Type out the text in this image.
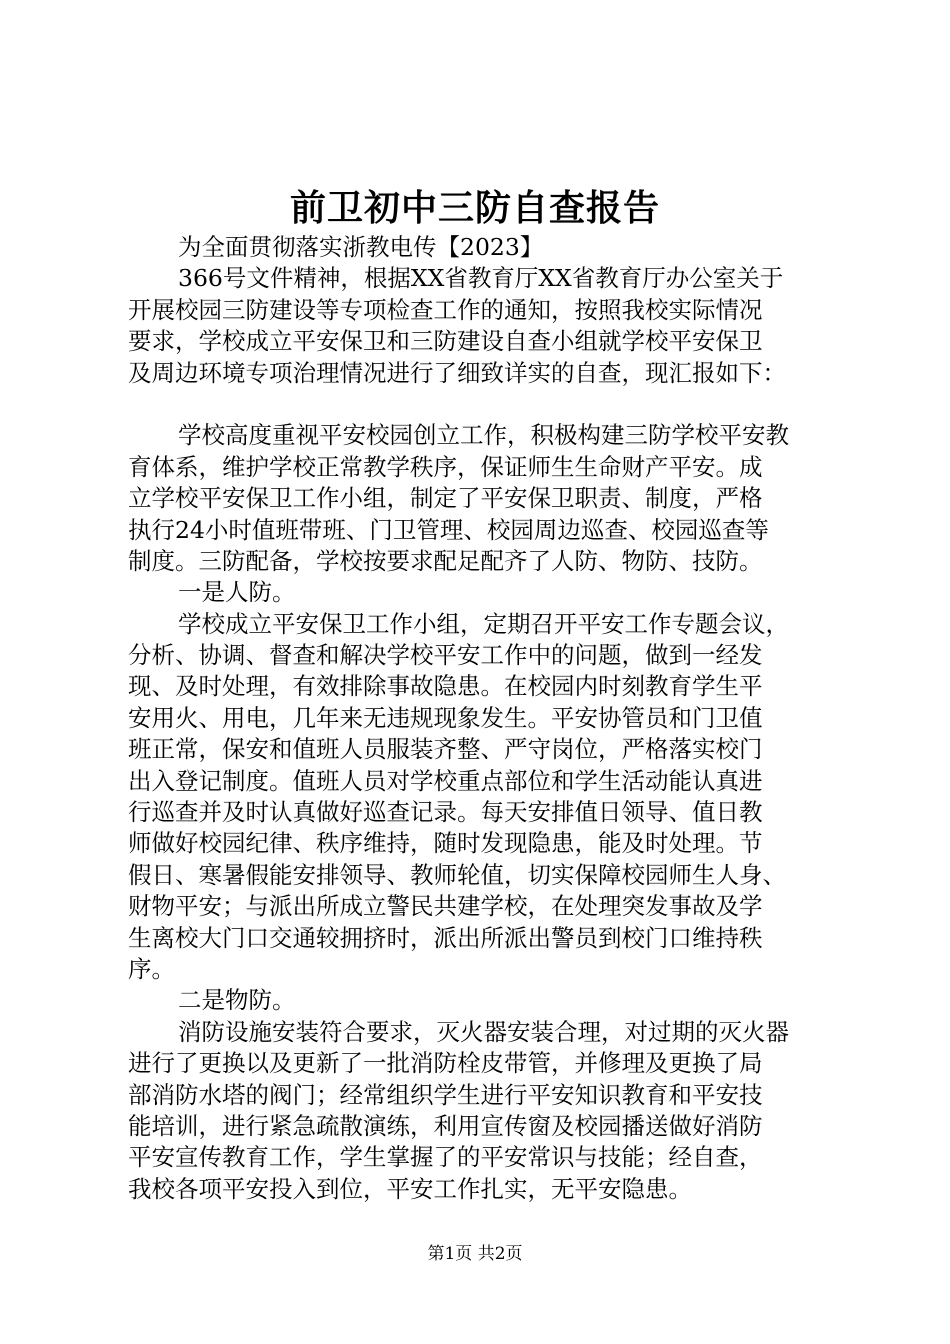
前卫初中三防自查报告
为全面贯彻落实浙教电传【2023】
366号文件精神，根据XX省教育厅XX省教育厅办公室关于
开展校园三防建设等专项检查工作的通知，按照我校实际情况
要求，学校成立平安保卫和三防建设自查小组就学校平安保卫
及周边环境专项治理情况进行了细致详实的自查，现汇报如下：
学校高度重视平安校园创立工作，积极构建三防学校平安教
育体系，维护学校正常教学秩序，保证师生生命财产平安。成
立学校平安保卫工作小组，制定了平安保卫职责、制度，严格
执行24小时值班带班、门卫管理、校园周边巡查、校园巡查等
制度。三防配备，学校按要求配足配齐了人防、物防、技防。
一是人防。
学校成立平安保卫工作小组，定期召开平安工作专题会议，
分析、协调、督查和解决学校平安工作中的问题，做到一经发
现、及时处理，有效排除事故隐患。在校园内时刻教育学生平
安用火、用电，几年来无违规现象发生。平安协管员和门卫值
班正常，保安和值班人员服装齐整、严守岗位，严格落实校门
出入登记制度。值班人员对学校重点部位和学生活动能认真进
行巡查并及时认真做好巡查记录。每天安排值日领导、值日教
师做好校园纪律、秩序维持，随时发现隐患，能及时处理。节
假日、寒暑假能安排领导、教师轮值，切实保障校园师生人身、
财物平安；与派出所成立警民共建学校，在处理突发事故及学
生离校大门口交通较拥挤时，派出所派出警员到校门口维持秩
序。
二是物防。
消防设施安装符合要求，灭火器安装合理，对过期的灭火器
进行了更换以及更新了一批消防栓皮带管，并修理及更换了局
部消防水塔的阀门；经常组织学生进行平安知识教育和平安技
能培训，进行紧急疏散演练，利用宣传窗及校园播送做好消防
平安宣传教育工作，学生掌握了的平安常识与技能；经自查，
我校各项平安投入到位，平安工作扎实，无平安隐患。
第1页 共2页
